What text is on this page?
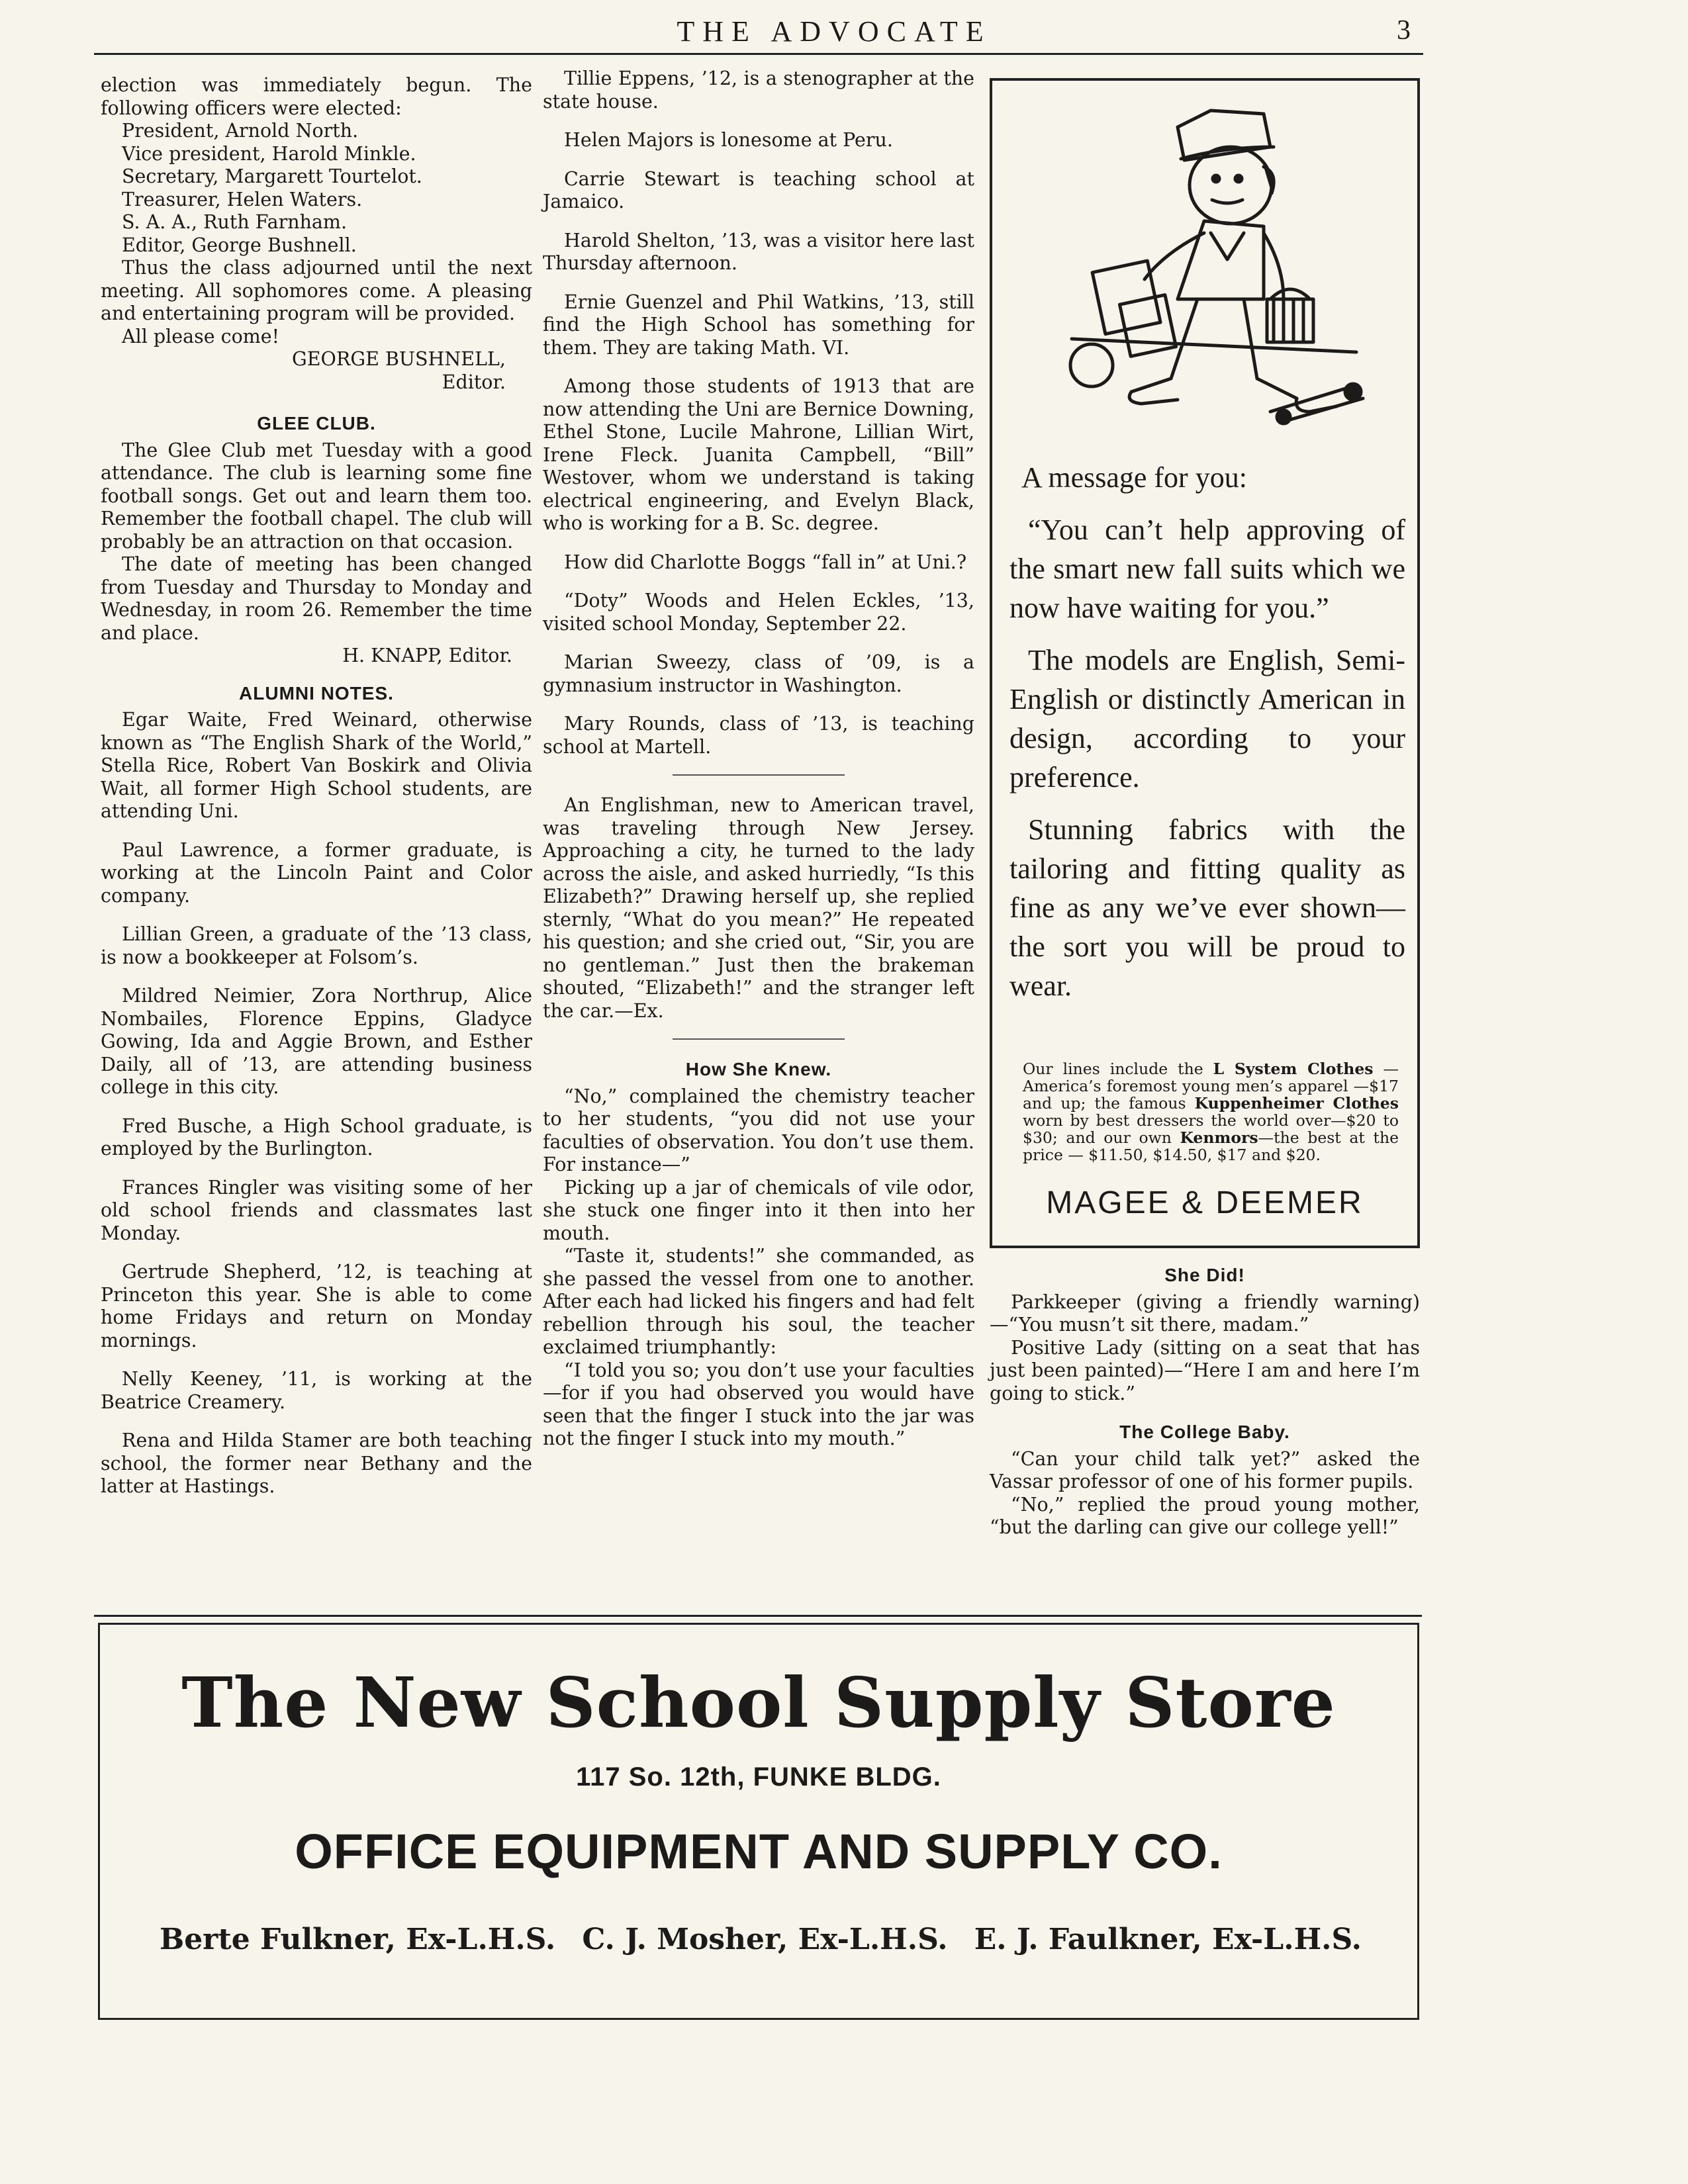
THE ADVOCATE	3

election was immediately begun. The following officers were elected:

President, Arnold North.
Vice president, Harold Minkle.
Secretary, Margarett Tourtelot.
Treasurer, Helen Waters.
S. A. A., Ruth Farnham.
Editor, George Bushnell.

Thus the class adjourned until the next meeting. All sophomores come. A pleasing and entertaining program will be provided.

All please come!

GEORGE BUSHNELL,
Editor.
GLEE CLUB.

The Glee Club met Tuesday with a good attendance. The club is learning some fine football songs. Get out and learn them too. Remember the football chapel. The club will probably be an attraction on that occasion.

The date of meeting has been changed from Tuesday and Thursday to Monday and Wednesday, in room 26. Remember the time and place.

H. KNAPP, Editor.
ALUMNI NOTES.

Egar Waite, Fred Weinard, otherwise known as “The English Shark of the World,” Stella Rice, Robert Van Boskirk and Olivia Wait, all former High School students, are attending Uni.

Paul Lawrence, a former graduate, is working at the Lincoln Paint and Color company.

Lillian Green, a graduate of the ’13 class, is now a bookkeeper at Folsom’s.

Mildred Neimier, Zora Northrup, Alice Nombailes, Florence Eppins, Gladyce Gowing, Ida and Aggie Brown, and Esther Daily, all of ’13, are attending business college in this city.

Fred Busche, a High School graduate, is employed by the Burlington.

Frances Ringler was visiting some of her old school friends and classmates last Monday.

Gertrude Shepherd, ’12, is teaching at Princeton this year. She is able to come home Fridays and return on Monday mornings.

Nelly Keeney, ’11, is working at the Beatrice Creamery.

Rena and Hilda Stamer are both teaching school, the former near Bethany and the latter at Hastings.

Tillie Eppens, ’12, is a stenographer at the state house.

Helen Majors is lonesome at Peru.

Carrie Stewart is teaching school at Jamaico.

Harold Shelton, ’13, was a visitor here last Thursday afternoon.

Ernie Guenzel and Phil Watkins, ’13, still find the High School has something for them. They are taking Math. VI.

Among those students of 1913 that are now attending the Uni are Bernice Downing, Ethel Stone, Lucile Mahrone, Lillian Wirt, Irene Fleck. Juanita Campbell, “Bill” Westover, whom we understand is taking electrical engineering, and Evelyn Black, who is working for a B. Sc. degree.

How did Charlotte Boggs “fall in” at Uni.?

“Doty” Woods and Helen Eckles, ’13, visited school Monday, September 22.

Marian Sweezy, class of ’09, is a gymnasium instructor in Washington.

Mary Rounds, class of ’13, is teaching school at Martell.

An Englishman, new to American travel, was traveling through New Jersey. Approaching a city, he turned to the lady across the aisle, and asked hurriedly, “Is this Elizabeth?” Drawing herself up, she replied sternly, “What do you mean?” He repeated his question; and she cried out, “Sir, you are no gentleman.” Just then the brakeman shouted, “Elizabeth!” and the stranger left the car.—Ex.

How She Knew.

“No,” complained the chemistry teacher to her students, “you did not use your faculties of observation. You don’t use them. For instance—”

Picking up a jar of chemicals of vile odor, she stuck one finger into it then into her mouth.

“Taste it, students!” she commanded, as she passed the vessel from one to another. After each had licked his fingers and had felt rebellion through his soul, the teacher exclaimed triumphantly:

“I told you so; you don’t use your faculties—for if you had observed you would have seen that the finger I stuck into the jar was not the finger I stuck into my mouth.”

A message for you:

“You can’t help approving of the smart new fall suits which we now have waiting for you.”

The models are English, Semi-English or distinctly American in design, according to your preference.

Stunning fabrics with the tailoring and fitting quality as fine as any we’ve ever shown—the sort you will be proud to wear.

Our lines include the L System Clothes —America’s foremost young men’s apparel —$17 and up; the famous Kuppenheimer Clothes worn by best dressers the world over—$20 to $30; and our own Kenmors—the best at the price — $11.50, $14.50, $17 and $20.
MAGEE & DEEMER
She Did!

Parkkeeper (giving a friendly warning)—“You musn’t sit there, madam.”

Positive Lady (sitting on a seat that has just been painted)—“Here I am and here I’m going to stick.”

The College Baby.

“Can your child talk yet?” asked the Vassar professor of one of his former pupils.

“No,” replied the proud young mother, “but the darling can give our college yell!”

The New School Supply Store
117 So. 12th, FUNKE BLDG.
OFFICE EQUIPMENT AND SUPPLY CO.
Berte Fulkner, Ex-L.H.S. C. J. Mosher, Ex-L.H.S. E. J. Faulkner, Ex-L.H.S.
